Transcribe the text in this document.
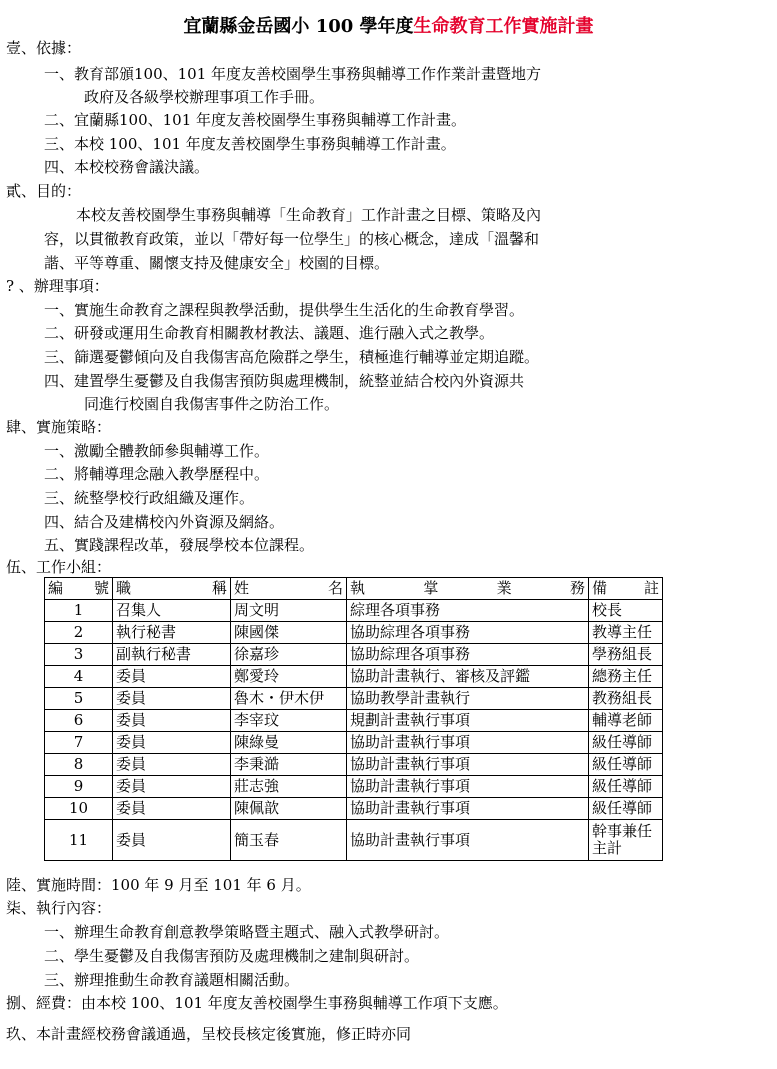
宜蘭縣金岳國小 100 學年度生命教育工作實施計畫
壹、依據：
一、教育部頒100、101 年度友善校園學生事務與輔導工作作業計畫暨地方
政府及各級學校辦理事項工作手冊。
二、宜蘭縣100、101 年度友善校園學生事務與輔導工作計畫。
三、本校 100、101 年度友善校園學生事務與輔導工作計畫。
四、本校校務會議決議。
貳、目的：
本校友善校園學生事務與輔導「生命教育」工作計畫之目標、策略及內
容，以貫徹教育政策，並以「帶好每一位學生」的核心概念，達成「溫馨和
諧、平等尊重、關懷支持及健康安全」校園的目標。
? 、辦理事項：
一、實施生命教育之課程與教學活動，提供學生生活化的生命教育學習。
二、研發或運用生命教育相關教材教法、議題、進行融入式之教學。
三、篩選憂鬱傾向及自我傷害高危險群之學生，積極進行輔導並定期追蹤。
四、建置學生憂鬱及自我傷害預防與處理機制，統整並結合校內外資源共
同進行校園自我傷害事件之防治工作。
肆、實施策略：
一、激勵全體教師參與輔導工作。
二、將輔導理念融入教學歷程中。
三、統整學校行政組織及運作。
四、結合及建構校內外資源及網絡。
五、實踐課程改革，發展學校本位課程。
伍、工作小組：
編 號	職 稱	姓 名	執 掌 業 務	備 註

1	召集人	周文明	綜理各項事務	校長
2	執行秘書	陳國傑	協助綜理各項事務	教導主任
3	副執行秘書	徐嘉珍	協助綜理各項事務	學務組長
4	委員	鄭愛玲	協助計畫執行、審核及評鑑	總務主任
5	委員	魯木・伊木伊	協助教學計畫執行	教務組長
6	委員	李宰玟	規劃計畫執行事項	輔導老師
7	委員	陳綠曼	協助計畫執行事項	級任導師
8	委員	李秉澔	協助計畫執行事項	級任導師
9	委員	莊志強	協助計畫執行事項	級任導師
10	委員	陳佩歆	協助計畫執行事項	級任導師
11	委員	簡玉春	協助計畫執行事項	幹事兼任主計
陸、實施時間：100 年 9 月至 101 年 6 月。
柒、執行內容：
一、辦理生命教育創意教學策略暨主題式、融入式教學研討。
二、學生憂鬱及自我傷害預防及處理機制之建制與研討。
三、辦理推動生命教育議題相關活動。
捌、經費：由本校 100、101 年度友善校園學生事務與輔導工作項下支應。
玖、本計畫經校務會議通過，呈校長核定後實施，修正時亦同
